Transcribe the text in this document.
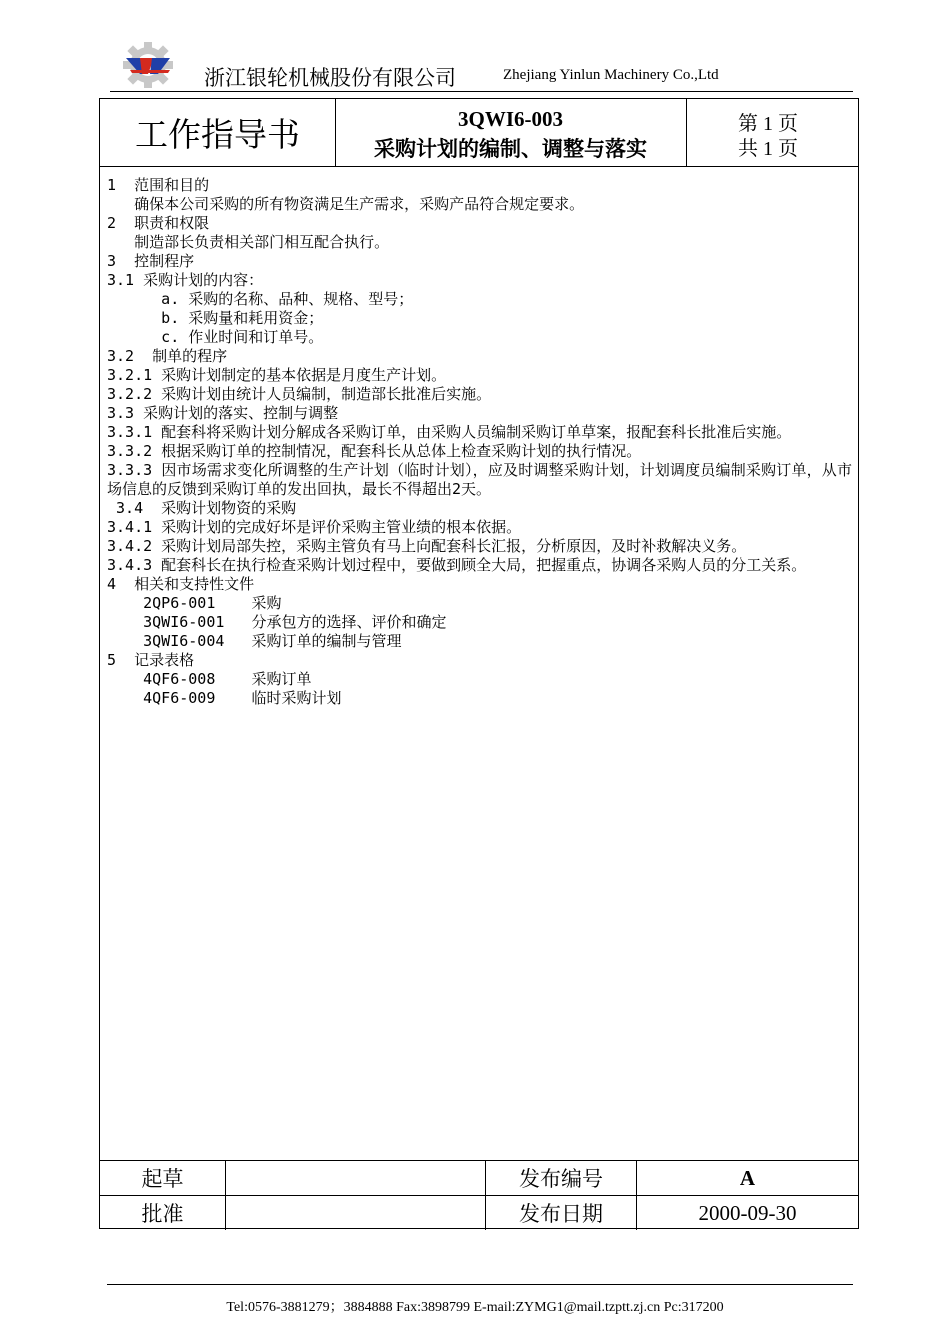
浙江银轮机械股份有限公司	Zhejiang Yinlun Machinery Co.,Ltd
工作指导书	3QWI6-003
采购计划的编制、调整与落实
第 1 页
共 1 页
1  范围和目的
确保本公司采购的所有物资满足生产需求，采购产品符合规定要求。
2  职责和权限
制造部长负责相关部门相互配合执行。
3  控制程序
3.1 采购计划的内容：
a. 采购的名称、品种、规格、型号；
b. 采购量和耗用资金；
c. 作业时间和订单号。
3.2  制单的程序
3.2.1 采购计划制定的基本依据是月度生产计划。
3.2.2 采购计划由统计人员编制，制造部长批准后实施。
3.3 采购计划的落实、控制与调整
3.3.1 配套科将采购计划分解成各采购订单，由采购人员编制采购订单草案，报配套科长批准后实施。
3.3.2 根据采购订单的控制情况，配套科长从总体上检查采购计划的执行情况。
3.3.3 因市场需求变化所调整的生产计划（临时计划），应及时调整采购计划，计划调度员编制采购订单，从市场信息的反馈到采购订单的发出回执，最长不得超出2天。
3.4  采购计划物资的采购
3.4.1 采购计划的完成好坏是评价采购主管业绩的根本依据。
3.4.2 采购计划局部失控，采购主管负有马上向配套科长汇报，分析原因，及时补救解决义务。
3.4.3 配套科长在执行检查采购计划过程中，要做到顾全大局，把握重点，协调各采购人员的分工关系。
4  相关和支持性文件
2QP6-001    采购
3QWI6-001   分承包方的选择、评价和确定
3QWI6-004   采购订单的编制与管理
5  记录表格
4QF6-008    采购订单
4QF6-009    临时采购计划
起草	发布编号	A
批准	发布日期	2000-09-30
Tel:0576-3881279；3884888 Fax:3898799 E-mail:ZYMG1@mail.tzptt.zj.cn Pc:317200
